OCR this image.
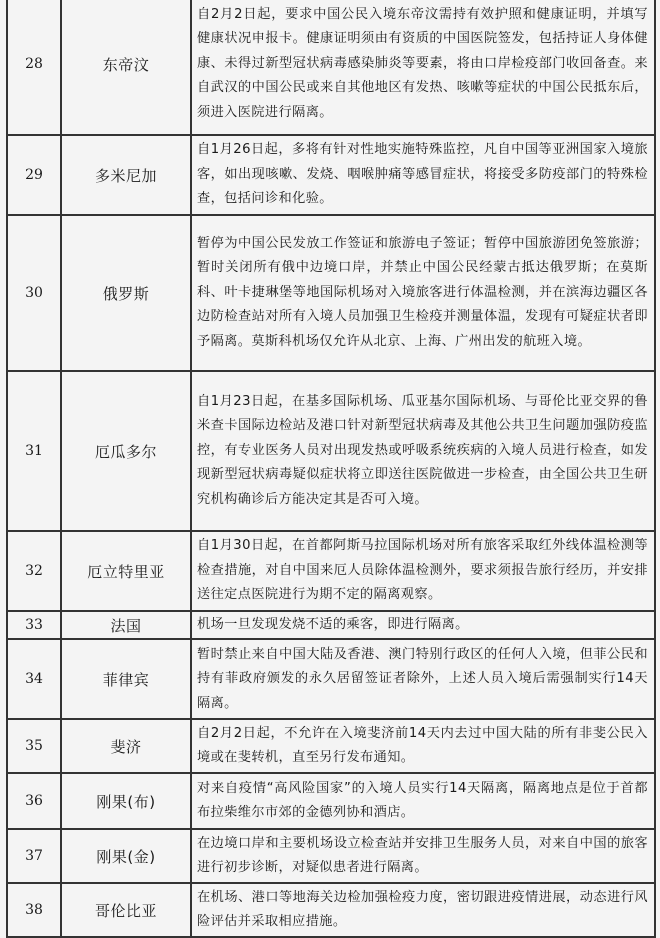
28	东帝汶	自2月2日起，要求中国公民入境东帝汶需持有效护照和健康证明，并填写健康状况申报卡。健康证明须由有资质的中国医院签发，包括持证人身体健康、未得过新型冠状病毒感染肺炎等要素，将由口岸检疫部门收回备查。来自武汉的中国公民或来自其他地区有发热、咳嗽等症状的中国公民抵东后，须进入医院进行隔离。
29	多米尼加	自1月26日起，多将有针对性地实施特殊监控，凡自中国等亚洲国家入境旅客，如出现咳嗽、发烧、咽喉肿痛等感冒症状，将接受多防疫部门的特殊检查，包括问诊和化验。
30	俄罗斯	暂停为中国公民发放工作签证和旅游电子签证；暂停中国旅游团免签旅游；暂时关闭所有俄中边境口岸，并禁止中国公民经蒙古抵达俄罗斯；在莫斯科、叶卡捷琳堡等地国际机场对入境旅客进行体温检测，并在滨海边疆区各边防检查站对所有入境人员加强卫生检疫并测量体温，发现有可疑症状者即予隔离。莫斯科机场仅允许从北京、上海、广州出发的航班入境。
31	厄瓜多尔	自1月23日起，在基多国际机场、瓜亚基尔国际机场、与哥伦比亚交界的鲁米查卡国际边检站及港口针对新型冠状病毒及其他公共卫生问题加强防疫监控，有专业医务人员对出现发热或呼吸系统疾病的入境人员进行检查，如发现新型冠状病毒疑似症状将立即送往医院做进一步检查，由全国公共卫生研究机构确诊后方能决定其是否可入境。
32	厄立特里亚	自1月30日起，在首都阿斯马拉国际机场对所有旅客采取红外线体温检测等检查措施，对自中国来厄人员除体温检测外，要求须报告旅行经历，并安排送往定点医院进行为期不定的隔离观察。
33	法国	机场一旦发现发烧不适的乘客，即进行隔离。
34	菲律宾	暂时禁止来自中国大陆及香港、澳门特别行政区的任何人入境，但菲公民和持有菲政府颁发的永久居留签证者除外，上述人员入境后需强制实行14天隔离。
35	斐济	自2月2日起，不允许在入境斐济前14天内去过中国大陆的所有非斐公民入境或在斐转机，直至另行发布通知。
36	刚果(布)	对来自疫情“高风险国家”的入境人员实行14天隔离，隔离地点是位于首都布拉柴维尔市郊的金德列协和酒店。
37	刚果(金)	在边境口岸和主要机场设立检查站并安排卫生服务人员，对来自中国的旅客进行初步诊断，对疑似患者进行隔离。
38	哥伦比亚	在机场、港口等地海关边检加强检疫力度，密切跟进疫情进展，动态进行风险评估并采取相应措施。
